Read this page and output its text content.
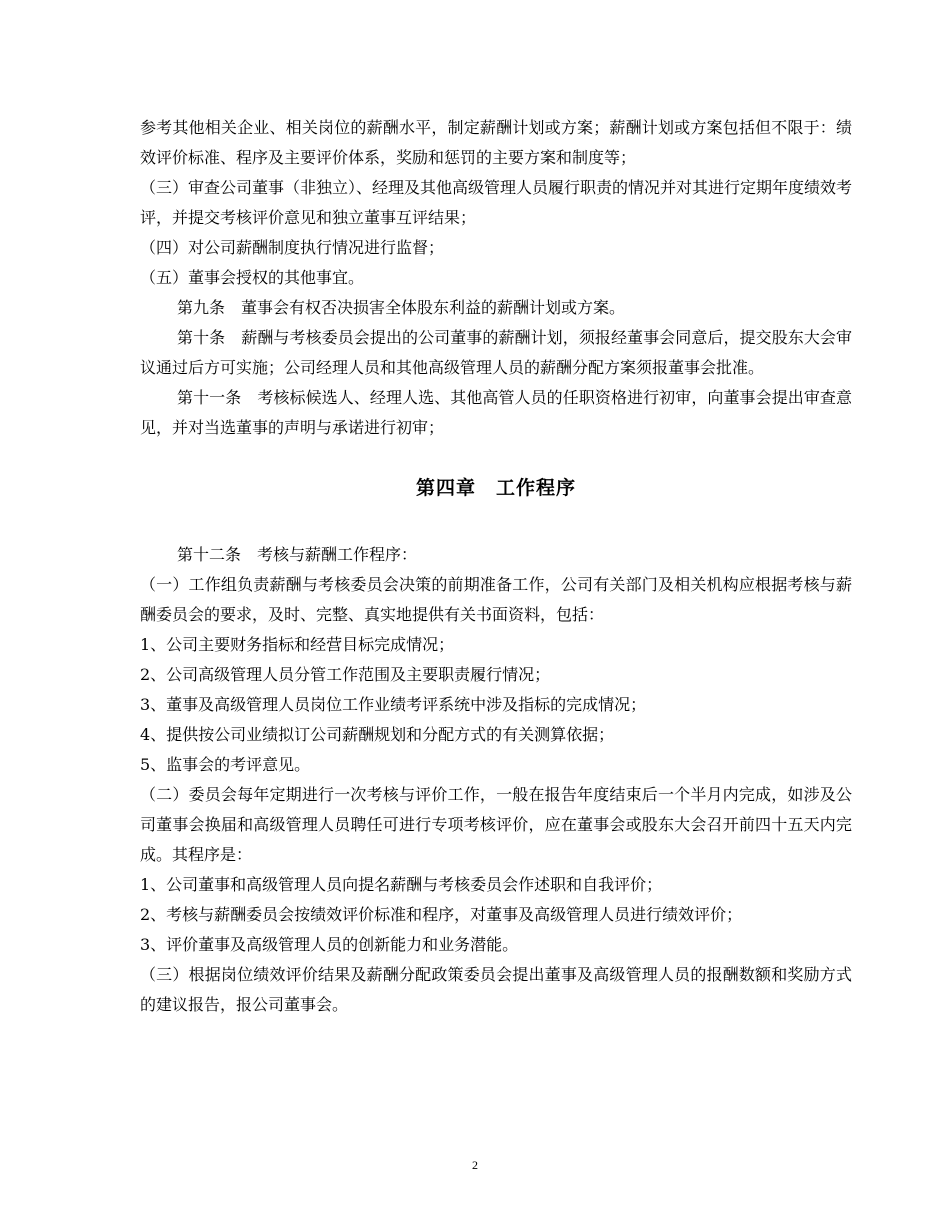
参考其他相关企业、相关岗位的薪酬水平，制定薪酬计划或方案；薪酬计划或方案包括但不限于：绩效评价标准、程序及主要评价体系，奖励和惩罚的主要方案和制度等；

（三）审查公司董事（非独立）、经理及其他高级管理人员履行职责的情况并对其进行定期年度绩效考评，并提交考核评价意见和独立董事互评结果；

（四）对公司薪酬制度执行情况进行监督；

（五）董事会授权的其他事宜。

第九条　董事会有权否决损害全体股东利益的薪酬计划或方案。

第十条　薪酬与考核委员会提出的公司董事的薪酬计划，须报经董事会同意后，提交股东大会审议通过后方可实施；公司经理人员和其他高级管理人员的薪酬分配方案须报董事会批准。

第十一条　考核标候选人、经理人选、其他高管人员的任职资格进行初审，向董事会提出审查意见，并对当选董事的声明与承诺进行初审；

第四章　工作程序

第十二条　考核与薪酬工作程序：

（一）工作组负责薪酬与考核委员会决策的前期准备工作，公司有关部门及相关机构应根据考核与薪酬委员会的要求，及时、完整、真实地提供有关书面资料，包括：

1、公司主要财务指标和经营目标完成情况；

2、公司高级管理人员分管工作范围及主要职责履行情况；

3、董事及高级管理人员岗位工作业绩考评系统中涉及指标的完成情况；

4、提供按公司业绩拟订公司薪酬规划和分配方式的有关测算依据；

5、监事会的考评意见。

（二）委员会每年定期进行一次考核与评价工作，一般在报告年度结束后一个半月内完成，如涉及公司董事会换届和高级管理人员聘任可进行专项考核评价，应在董事会或股东大会召开前四十五天内完成。其程序是：

1、公司董事和高级管理人员向提名薪酬与考核委员会作述职和自我评价；

2、考核与薪酬委员会按绩效评价标准和程序，对董事及高级管理人员进行绩效评价；

3、评价董事及高级管理人员的创新能力和业务潜能。

（三）根据岗位绩效评价结果及薪酬分配政策委员会提出董事及高级管理人员的报酬数额和奖励方式的建议报告，报公司董事会。

2
